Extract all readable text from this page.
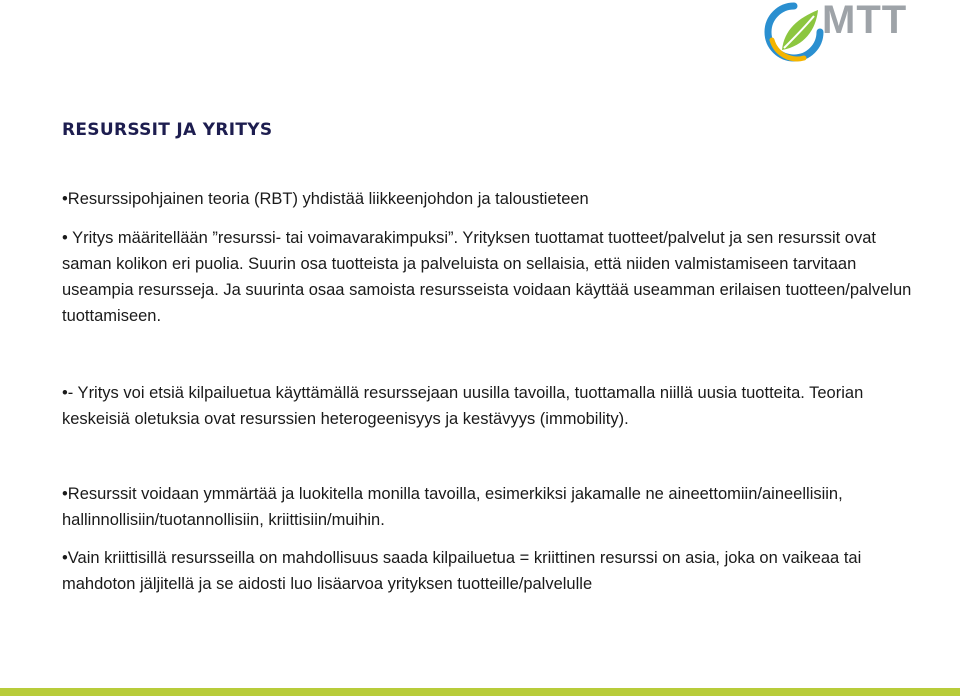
MTT
RESURSSIT JA YRITYS

•Resurssipohjainen teoria (RBT) yhdistää liikkeenjohdon ja taloustieteen

• Yritys määritellään ”resurssi- tai voimavarakimpuksi”. Yrityksen tuottamat tuotteet/palvelut ja sen resurssit ovat saman kolikon eri puolia. Suurin osa tuotteista ja palveluista on sellaisia, että niiden valmistamiseen tarvitaan useampia resursseja. Ja suurinta osaa samoista resursseista voidaan käyttää useamman erilaisen tuotteen/palvelun tuottamiseen.

•- Yritys voi etsiä kilpailuetua käyttämällä resurssejaan uusilla tavoilla, tuottamalla niillä uusia tuotteita. Teorian keskeisiä oletuksia ovat resurssien heterogeenisyys ja kestävyys (immobility).

•Resurssit voidaan ymmärtää ja luokitella monilla tavoilla, esimerkiksi jakamalle ne aineettomiin/aineellisiin, hallinnollisiin/tuotannollisiin, kriittisiin/muihin.

•Vain kriittisillä resursseilla on mahdollisuus saada kilpailuetua = kriittinen resurssi on asia, joka on vaikeaa tai mahdoton jäljitellä ja se aidosti luo lisäarvoa yrityksen tuotteille/palvelulle
